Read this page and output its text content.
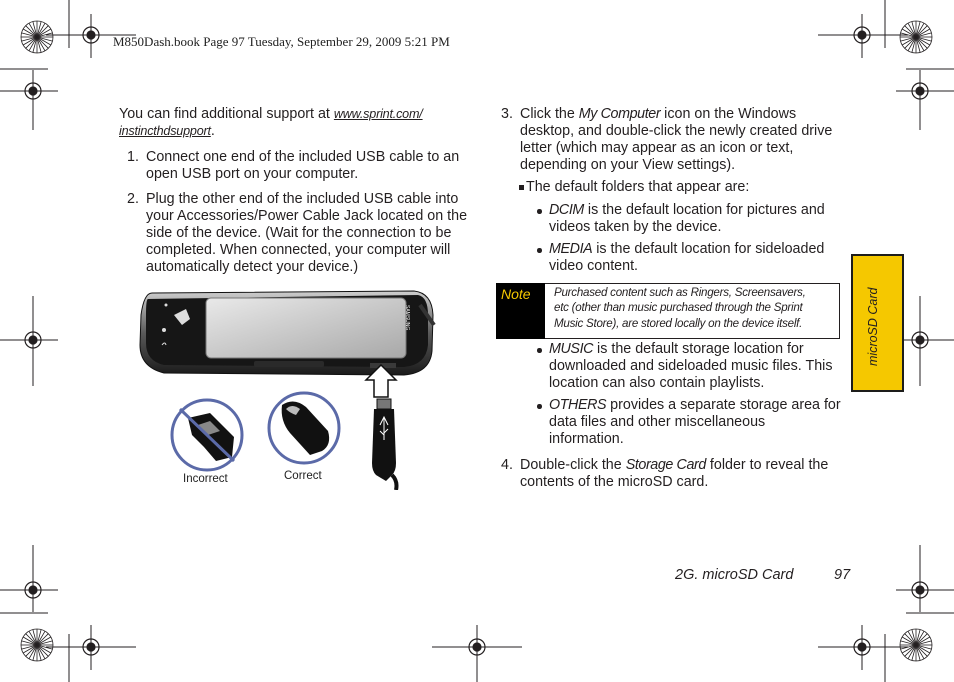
M850Dash.book Page 97 Tuesday, September 29, 2009 5:21 PM
You can find additional support at www.sprint.com/
instincthdsupport.
1. Connect one end of the included USB cable to an
open USB port on your computer.
2. Plug the other end of the included USB cable into
your Accessories/Power Cable Jack located on the
side of the device. (Wait for the connection to be
completed. When connected, your computer will
automatically detect your device.)
SAMSUNG
Incorrect	Correct
3. Click the My Computer icon on the Windows
desktop, and double-click the newly created drive
letter (which may appear as an icon or text,
depending on your View settings).
The default folders that appear are:
DCIM is the default location for pictures and
videos taken by the device.
MEDIA is the default location for sideloaded
video content.
Note	Purchased content such as Ringers, Screensavers,
etc (other than music purchased through the Sprint
Music Store), are stored locally on the device itself.
MUSIC is the default storage location for
downloaded and sideloaded music files. This
location can also contain playlists.
OTHERS provides a separate storage area for
data files and other miscellaneous
information.
4. Double-click the Storage Card folder to reveal the
contents of the microSD card.
microSD Card
2G. microSD Card	97
